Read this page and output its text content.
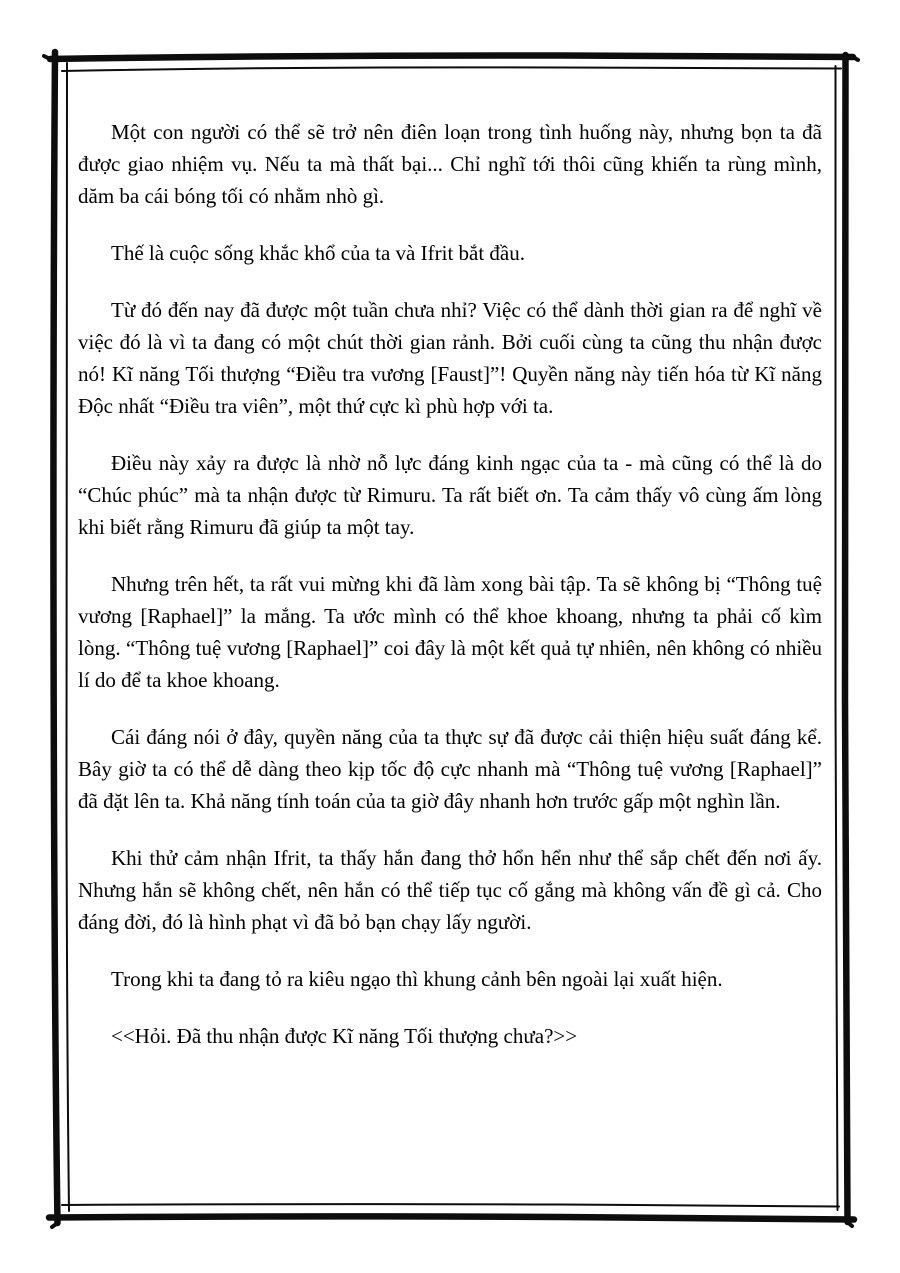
Một con người có thể sẽ trở nên điên loạn trong tình huống này, nhưng bọn ta đã được giao nhiệm vụ. Nếu ta mà thất bại... Chỉ nghĩ tới thôi cũng khiến ta rùng mình, dăm ba cái bóng tối có nhằm nhò gì.

Thế là cuộc sống khắc khổ của ta và Ifrit bắt đầu.

Từ đó đến nay đã được một tuần chưa nhỉ? Việc có thể dành thời gian ra để nghĩ về việc đó là vì ta đang có một chút thời gian rảnh. Bởi cuối cùng ta cũng thu nhận được nó! Kĩ năng Tối thượng “Điều tra vương [Faust]”! Quyền năng này tiến hóa từ Kĩ năng Độc nhất “Điều tra viên”, một thứ cực kì phù hợp với ta.

Điều này xảy ra được là nhờ nỗ lực đáng kinh ngạc của ta - mà cũng có thể là do “Chúc phúc” mà ta nhận được từ Rimuru. Ta rất biết ơn. Ta cảm thấy vô cùng ấm lòng khi biết rằng Rimuru đã giúp ta một tay.

Nhưng trên hết, ta rất vui mừng khi đã làm xong bài tập. Ta sẽ không bị “Thông tuệ vương [Raphael]” la mắng. Ta ước mình có thể khoe khoang, nhưng ta phải cố kìm lòng. “Thông tuệ vương [Raphael]” coi đây là một kết quả tự nhiên, nên không có nhiều lí do để ta khoe khoang.

Cái đáng nói ở đây, quyền năng của ta thực sự đã được cải thiện hiệu suất đáng kể. Bây giờ ta có thể dễ dàng theo kịp tốc độ cực nhanh mà “Thông tuệ vương [Raphael]” đã đặt lên ta. Khả năng tính toán của ta giờ đây nhanh hơn trước gấp một nghìn lần.

Khi thử cảm nhận Ifrit, ta thấy hắn đang thở hổn hển như thể sắp chết đến nơi ấy. Nhưng hắn sẽ không chết, nên hắn có thể tiếp tục cố gắng mà không vấn đề gì cả. Cho đáng đời, đó là hình phạt vì đã bỏ bạn chạy lấy người.

Trong khi ta đang tỏ ra kiêu ngạo thì khung cảnh bên ngoài lại xuất hiện.

<<Hỏi. Đã thu nhận được Kĩ năng Tối thượng chưa?>>
